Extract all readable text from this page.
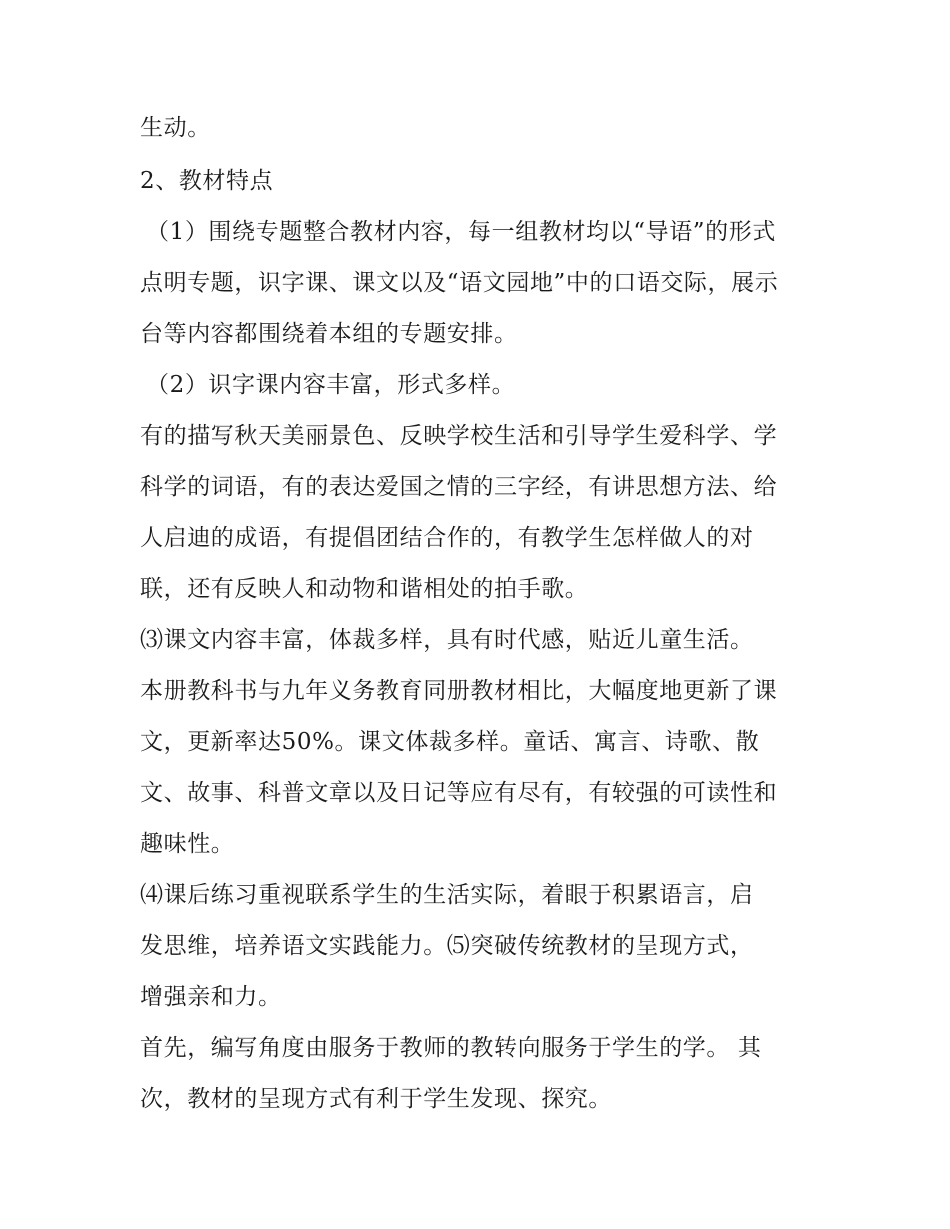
生动。

2、教材特点

（1）围绕专题整合教材内容，每一组教材均以“导语”的形式

点明专题，识字课、课文以及“语文园地”中的口语交际，展示

台等内容都围绕着本组的专题安排。

（2）识字课内容丰富，形式多样。

有的描写秋天美丽景色、反映学校生活和引导学生爱科学、学

科学的词语，有的表达爱国之情的三字经，有讲思想方法、给

人启迪的成语，有提倡团结合作的，有教学生怎样做人的对

联，还有反映人和动物和谐相处的拍手歌。

⑶课文内容丰富，体裁多样，具有时代感，贴近儿童生活。

本册教科书与九年义务教育同册教材相比，大幅度地更新了课

文，更新率达50%。课文体裁多样。童话、寓言、诗歌、散

文、故事、科普文章以及日记等应有尽有，有较强的可读性和

趣味性。

⑷课后练习重视联系学生的生活实际，着眼于积累语言，启

发思维，培养语文实践能力。⑸突破传统教材的呈现方式，

增强亲和力。

首先，编写角度由服务于教师的教转向服务于学生的学。 其

次，教材的呈现方式有利于学生发现、探究。
